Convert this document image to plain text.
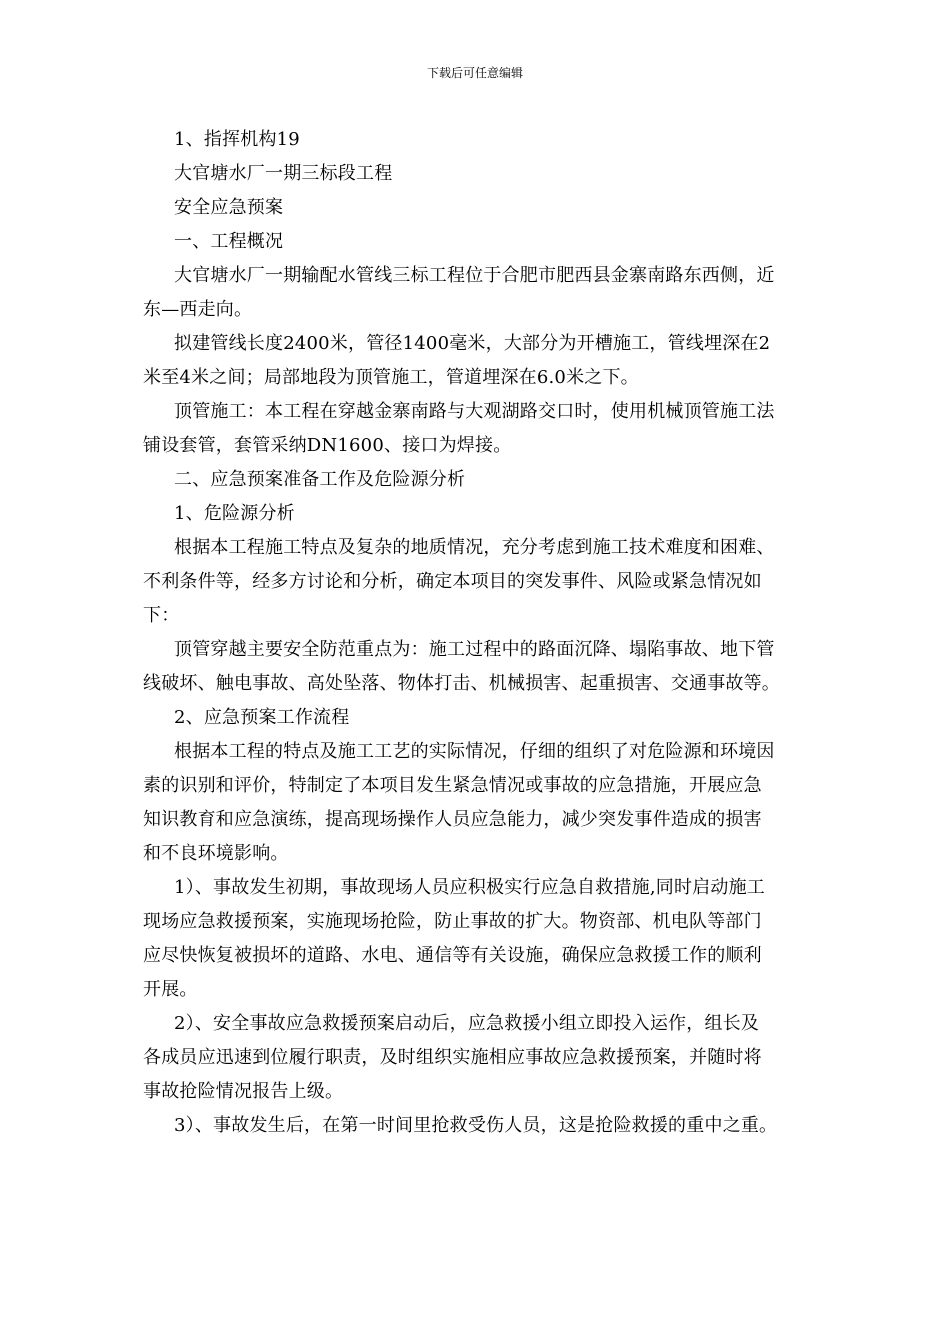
下载后可任意编辑
1、指挥机构19
大官塘水厂一期三标段工程
安全应急预案
一、工程概况
大官塘水厂一期输配水管线三标工程位于合肥市肥西县金寨南路东西侧，近
东—西走向。
拟建管线长度2400米，管径1400毫米，大部分为开槽施工，管线埋深在2
米至4米之间；局部地段为顶管施工，管道埋深在6.0米之下。
顶管施工：本工程在穿越金寨南路与大观湖路交口时，使用机械顶管施工法
铺设套管，套管采纳DN1600、接口为焊接。
二、应急预案准备工作及危险源分析
1、危险源分析
根据本工程施工特点及复杂的地质情况，充分考虑到施工技术难度和困难、
不利条件等，经多方讨论和分析，确定本项目的突发事件、风险或紧急情况如
下：
顶管穿越主要安全防范重点为：施工过程中的路面沉降、塌陷事故、地下管
线破坏、触电事故、高处坠落、物体打击、机械损害、起重损害、交通事故等。
2、应急预案工作流程
根据本工程的特点及施工工艺的实际情况，仔细的组织了对危险源和环境因
素的识别和评价，特制定了本项目发生紧急情况或事故的应急措施，开展应急
知识教育和应急演练，提高现场操作人员应急能力，减少突发事件造成的损害
和不良环境影响。
1）、事故发生初期，事故现场人员应积极实行应急自救措施,同时启动施工
现场应急救援预案，实施现场抢险，防止事故的扩大。物资部、机电队等部门
应尽快恢复被损坏的道路、水电、通信等有关设施，确保应急救援工作的顺利
开展。
2）、安全事故应急救援预案启动后，应急救援小组立即投入运作，组长及
各成员应迅速到位履行职责，及时组织实施相应事故应急救援预案，并随时将
事故抢险情况报告上级。
3）、事故发生后，在第一时间里抢救受伤人员，这是抢险救援的重中之重。
